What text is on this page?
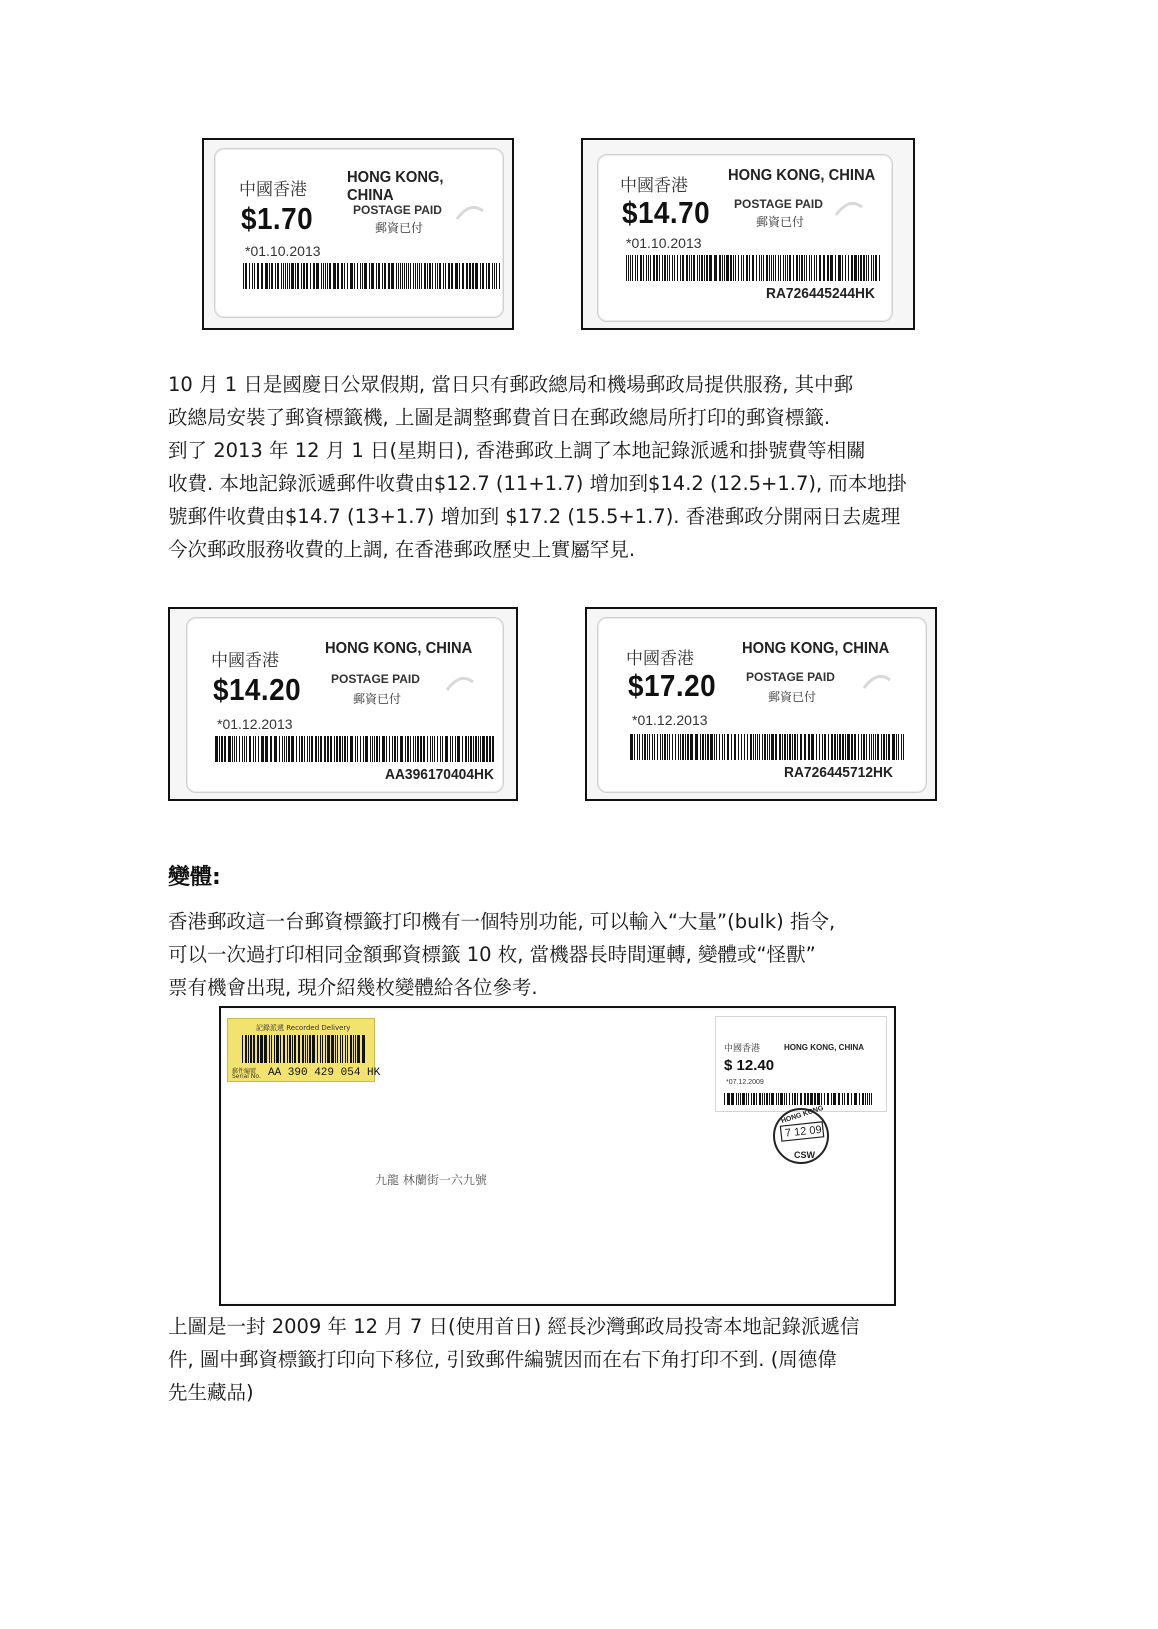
中國香港
HONG KONG, CHINA
$1.70	POSTAGE PAID
郵資已付
*01.10.2013
中國香港
HONG KONG, CHINA
$14.70 POSTAGE PAID
郵資已付
*01.10.2013
RA726445244HK
10 月 1 日是國慶日公眾假期, 當日只有郵政總局和機場郵政局提供服務, 其中郵
政總局安裝了郵資標籤機, 上圖是調整郵費首日在郵政總局所打印的郵資標籤.
到了 2013 年 12 月 1 日(星期日), 香港郵政上調了本地記錄派遞和掛號費等相關
收費. 本地記錄派遞郵件收費由$12.7 (11+1.7) 增加到$14.2 (12.5+1.7), 而本地掛
號郵件收費由$14.7 (13+1.7) 增加到 $17.2 (15.5+1.7). 香港郵政分開兩日去處理
今次郵政服務收費的上調, 在香港郵政歷史上實屬罕見.
中國香港
HONG KONG, CHINA
$14.20 POSTAGE PAID
郵資已付
*01.12.2013
AA396170404HK
中國香港
HONG KONG, CHINA
$17.20 POSTAGE PAID
郵資已付
*01.12.2013
RA726445712HK
變體:
香港郵政這一台郵資標籤打印機有一個特別功能, 可以輸入“大量”(bulk) 指令,
可以一次過打印相同金額郵資標籤 10 枚, 當機器長時間運轉, 變體或“怪獸”
票有機會出現, 現介紹幾枚變體給各位參考.
記錄派遞 Recorded Delivery
郵件編號
Serial No. AA 390 429 054 HK
中國香港	HONG KONG, CHINA
$ 12.40
*07.12.2009
HONG KONG
7 12 09
CSW
九龍 林蘭街一六九號
上圖是一封 2009 年 12 月 7 日(使用首日) 經長沙灣郵政局投寄本地記錄派遞信
件, 圖中郵資標籤打印向下移位, 引致郵件編號因而在右下角打印不到. (周德偉
先生藏品)
